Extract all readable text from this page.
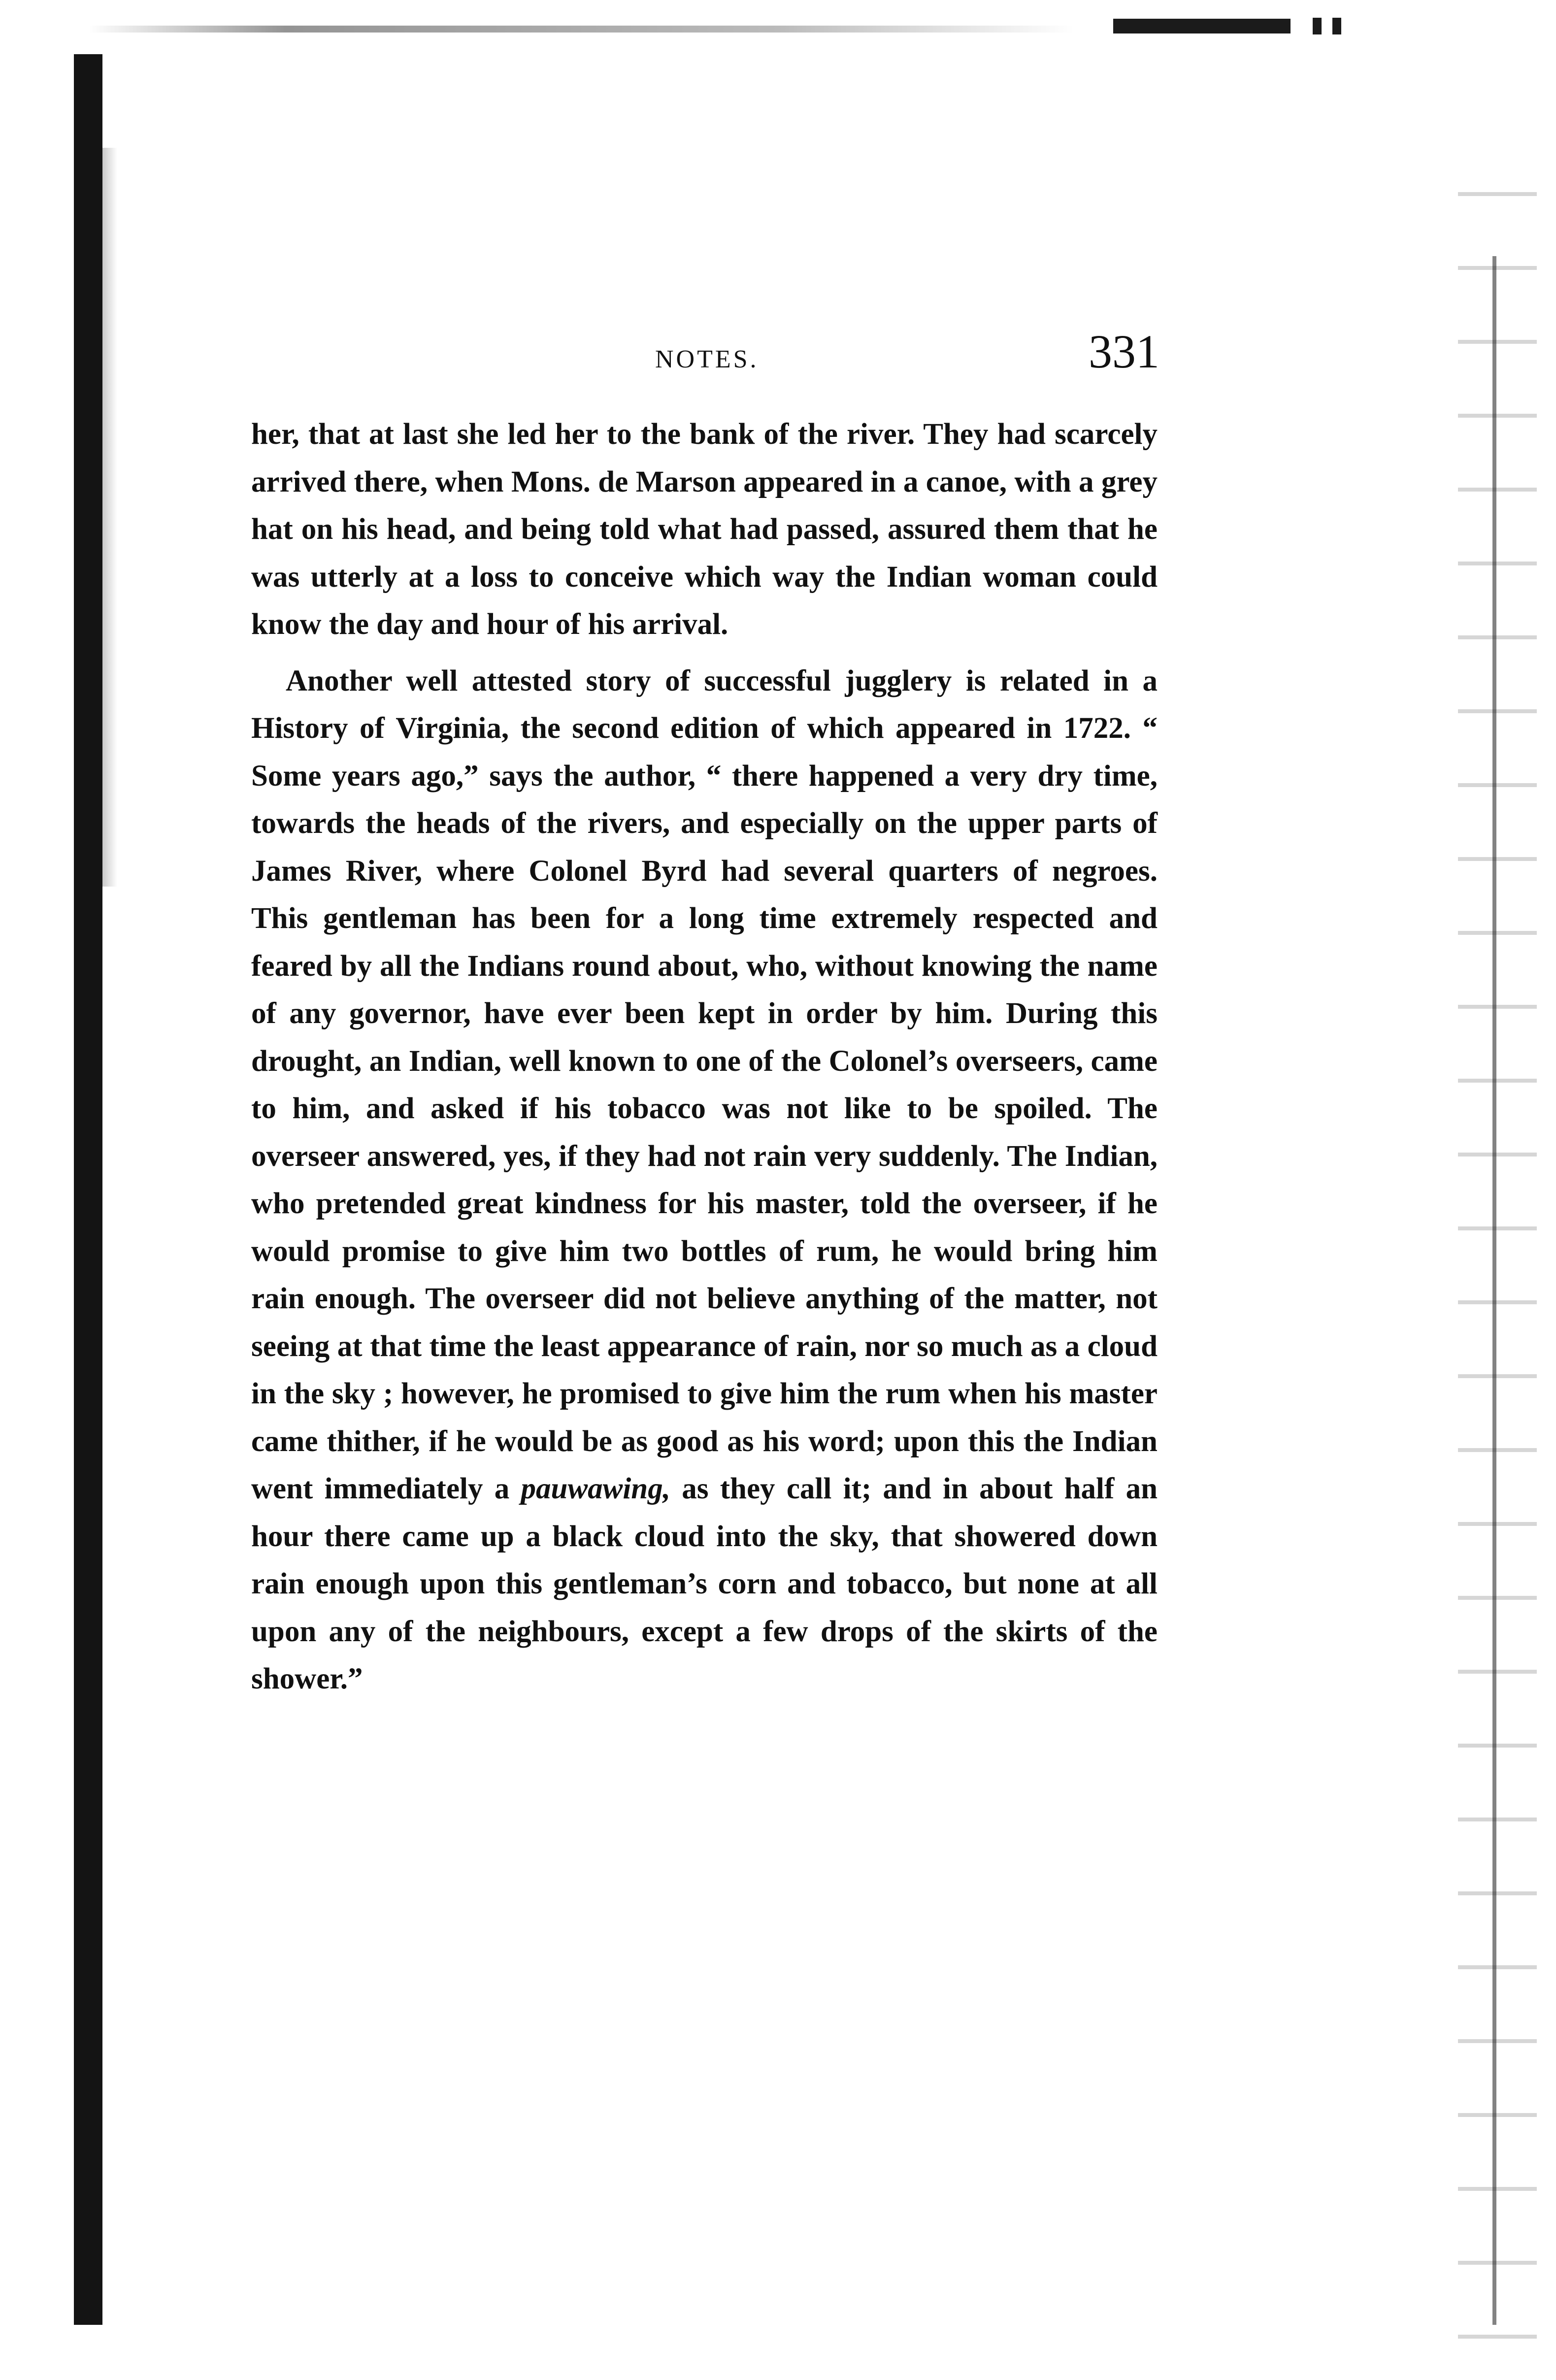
NOTES.	331

her, that at last she led her to the bank of the river. They had scarcely arrived there, when Mons. de Marson appeared in a canoe, with a grey hat on his head, and being told what had passed, assured them that he was utterly at a loss to conceive which way the Indian woman could know the day and hour of his arrival.

Another well attested story of successful jugglery is related in a History of Virginia, the second edition of which appeared in 1722. “ Some years ago,” says the author, “ there happened a very dry time, towards the heads of the rivers, and especially on the upper parts of James River, where Colonel Byrd had several quarters of negroes. This gentleman has been for a long time extremely respected and feared by all the Indians round about, who, without knowing the name of any governor, have ever been kept in order by him. During this drought, an Indian, well known to one of the Colonel’s overseers, came to him, and asked if his tobacco was not like to be spoiled. The overseer answered, yes, if they had not rain very suddenly. The Indian, who pretended great kindness for his master, told the overseer, if he would promise to give him two bottles of rum, he would bring him rain enough. The overseer did not believe anything of the matter, not seeing at that time the least appearance of rain, nor so much as a cloud in the sky ; however, he promised to give him the rum when his master came thither, if he would be as good as his word; upon this the Indian went immediately a pauwawing, as they call it; and in about half an hour there came up a black cloud into the sky, that showered down rain enough upon this gentleman’s corn and tobacco, but none at all upon any of the neighbours, except a few drops of the skirts of the shower.”
